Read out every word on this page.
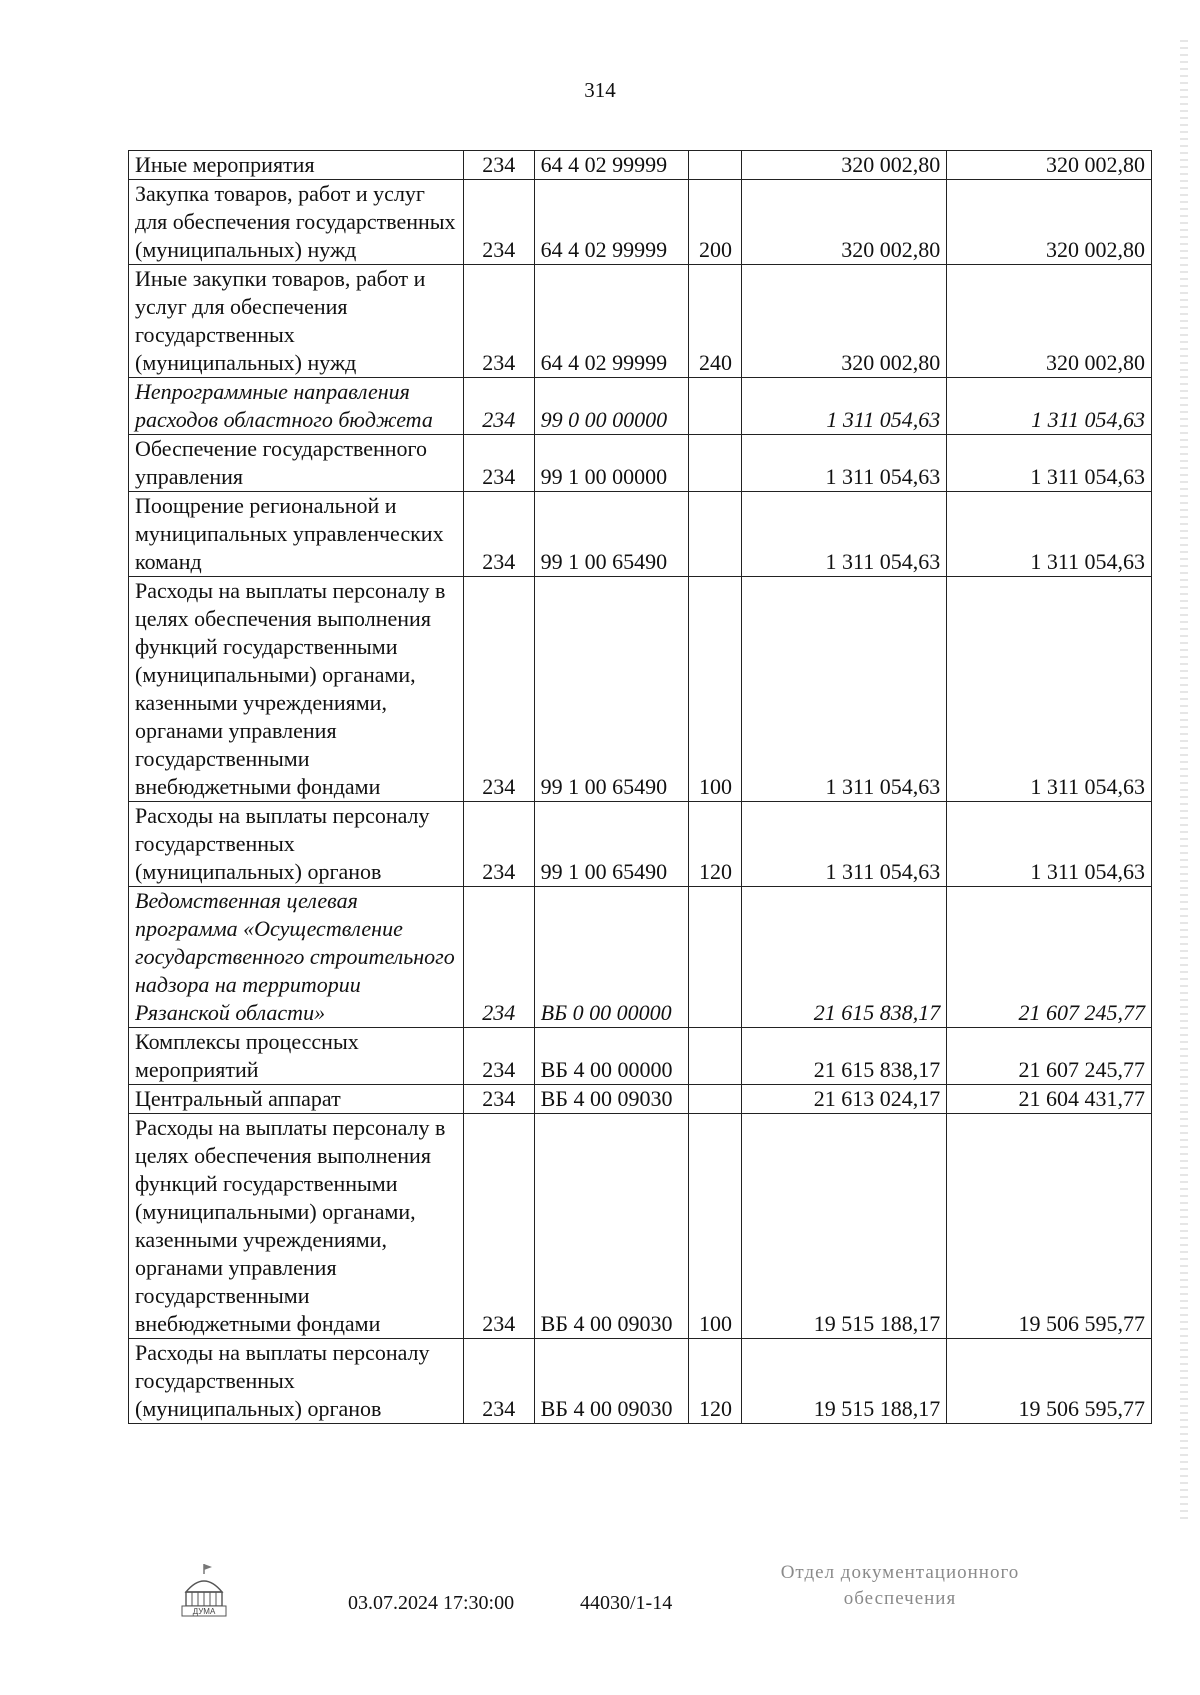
314
Иные мероприятия	234	64 4 02 99999		320 002,80	320 002,80
Закупка товаров, работ и услуг для обеспечения государственных (муниципальных) нужд	234	64 4 02 99999	200	320 002,80	320 002,80
Иные закупки товаров, работ и услуг для обеспечения государственных (муниципальных) нужд	234	64 4 02 99999	240	320 002,80	320 002,80
Непрограммные направления расходов областного бюджета	234	99 0 00 00000		1 311 054,63	1 311 054,63
Обеспечение государственного управления	234	99 1 00 00000		1 311 054,63	1 311 054,63
Поощрение региональной и муниципальных управленческих команд	234	99 1 00 65490		1 311 054,63	1 311 054,63
Расходы на выплаты персоналу в целях обеспечения выполнения функций государственными (муниципальными) органами, казенными учреждениями, органами управления государственными внебюджетными фондами	234	99 1 00 65490	100	1 311 054,63	1 311 054,63
Расходы на выплаты персоналу государственных (муниципальных) органов	234	99 1 00 65490	120	1 311 054,63	1 311 054,63
Ведомственная целевая программа «Осуществление государственного строительного надзора на территории Рязанской области»	234	ВБ 0 00 00000		21 615 838,17	21 607 245,77
Комплексы процессных мероприятий	234	ВБ 4 00 00000		21 615 838,17	21 607 245,77
Центральный аппарат	234	ВБ 4 00 09030		21 613 024,17	21 604 431,77
Расходы на выплаты персоналу в целях обеспечения выполнения функций государственными (муниципальными) органами, казенными учреждениями, органами управления государственными внебюджетными фондами	234	ВБ 4 00 09030	100	19 515 188,17	19 506 595,77
Расходы на выплаты персоналу государственных (муниципальных) органов	234	ВБ 4 00 09030	120	19 515 188,17	19 506 595,77
ДУМА	03.07.2024 17:30:00	44030/1-14
Отдел документационного
обеспечения
